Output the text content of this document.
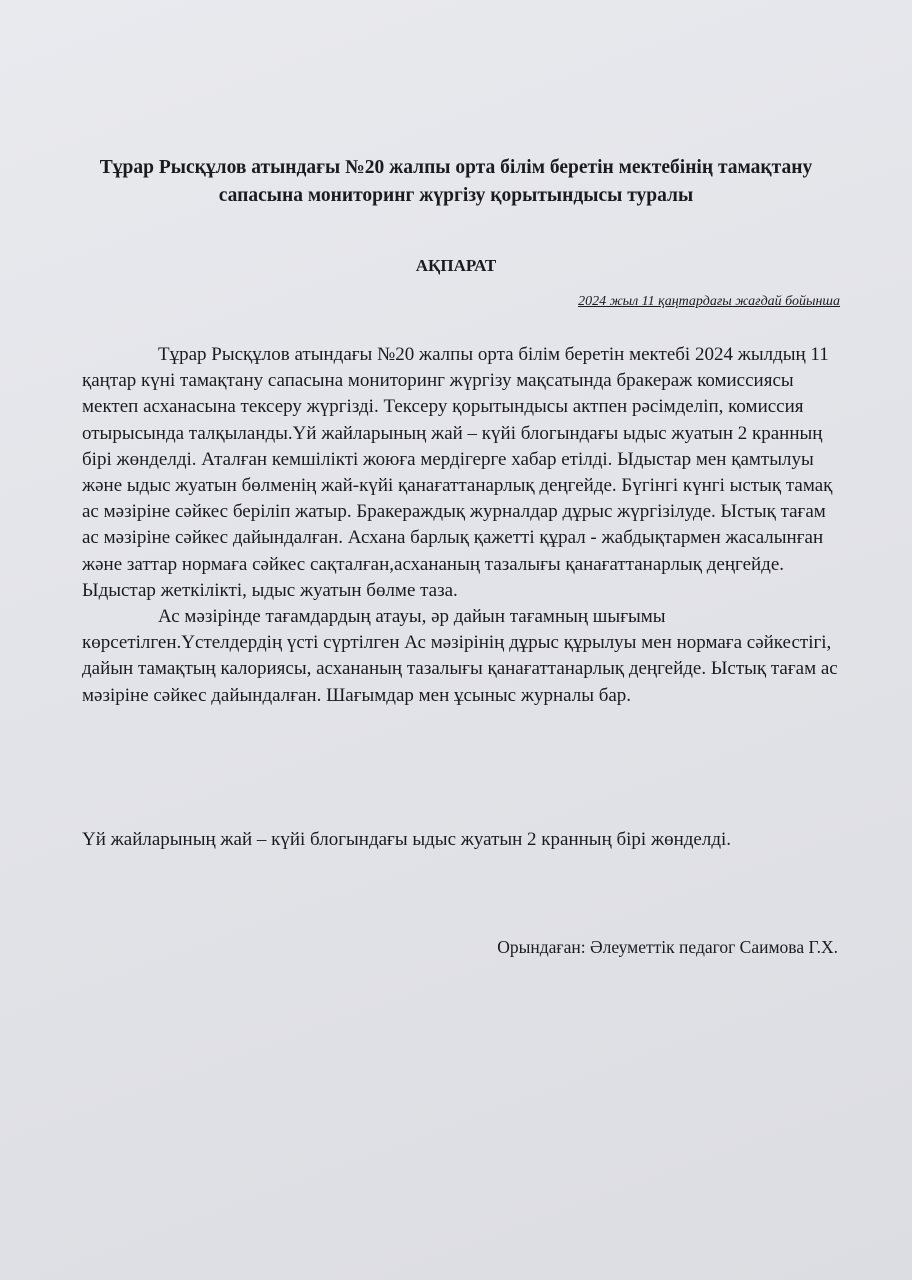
Тұрар Рысқұлов атындағы №20 жалпы орта білім беретін мектебінің тамақтану сапасына мониторинг жүргізу қорытындысы туралы
АҚПАРАТ
2024 жыл 11 қаңтардағы жағдай бойынша

Тұрар Рысқұлов атындағы №20 жалпы орта білім беретін мектебі 2024 жылдың 11 қаңтар күні тамақтану сапасына мониторинг жүргізу мақсатында бракераж комиссиясы мектеп асханасына тексеру жүргізді. Тексеру қорытындысы актпен рәсімделіп, комиссия отырысында талқыланды.Үй жайларының жай – күйі блогындағы ыдыс жуатын 2 кранның бірі жөнделді. Аталған кемшілікті жоюға мердігерге хабар етілді. Ыдыстар мен қамтылуы және ыдыс жуатын бөлменің жай-күйі қанағаттанарлық деңгейде. Бүгінгі күнгі ыстық тамақ ас мәзіріне сәйкес беріліп жатыр. Бракераждық журналдар дұрыс жүргізілуде. Ыстық тағам ас мәзіріне сәйкес дайындалған. Асхана барлық қажетті құрал - жабдықтармен жасалынған және заттар нормаға сәйкес сақталған,асхананың тазалығы қанағаттанарлық деңгейде. Ыдыстар жеткілікті, ыдыс жуатын бөлме таза.

Ас мәзірінде тағамдардың атауы, әр дайын тағамның шығымы көрсетілген.Үстелдердің үсті сүртілген Ас мәзірінің дұрыс құрылуы мен нормаға сәйкестігі, дайын тамақтың калориясы, асхананың тазалығы қанағаттанарлық деңгейде. Ыстық тағам ас мәзіріне сәйкес дайындалған. Шағымдар мен ұсыныс журналы бар.

Үй жайларының жай – күйі блогындағы ыдыс жуатын 2 кранның бірі жөнделді.
Орындаған: Әлеуметтік педагог Саимова Г.Х.
